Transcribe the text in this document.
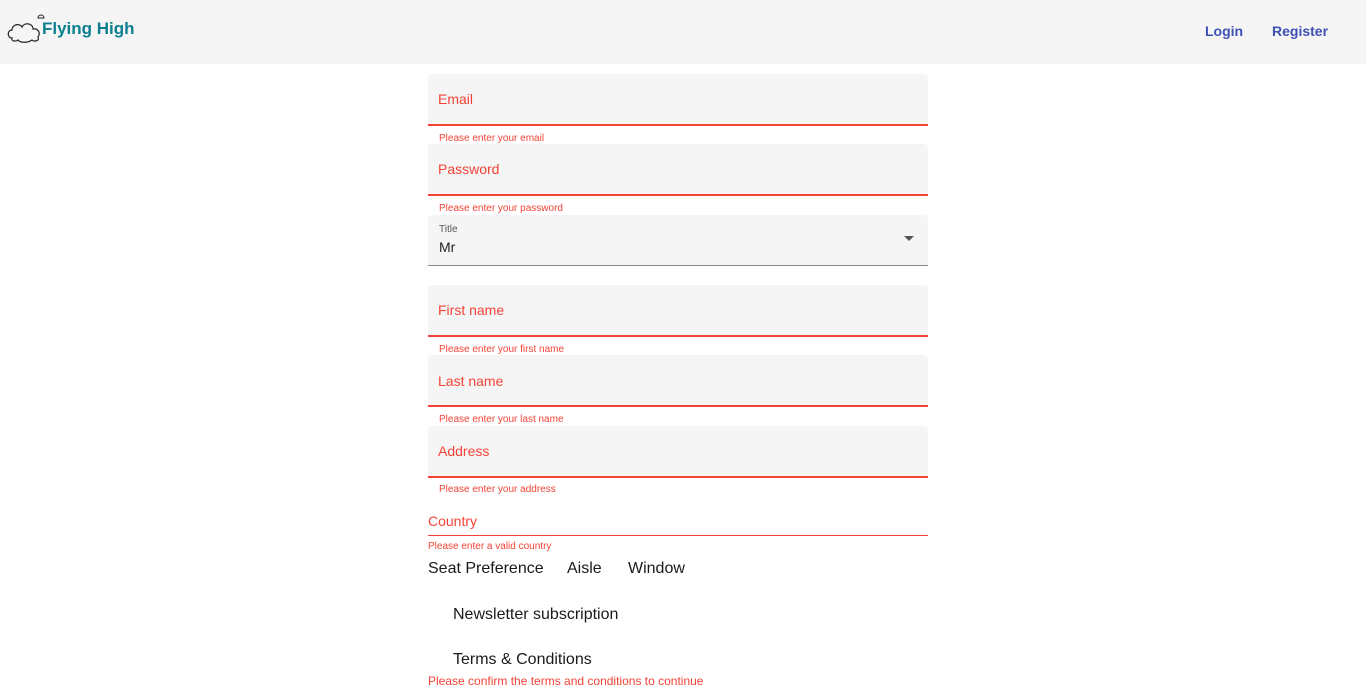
Flying High	Login Register
Email
Please enter your email
Password
Please enter your password
Title
Mr
First name
Please enter your first name
Last name
Please enter your last name
Address
Please enter your address
Country
Please enter a valid country
Seat Preference Aisle Window
Newsletter subscription
Terms & Conditions
Please confirm the terms and conditions to continue
